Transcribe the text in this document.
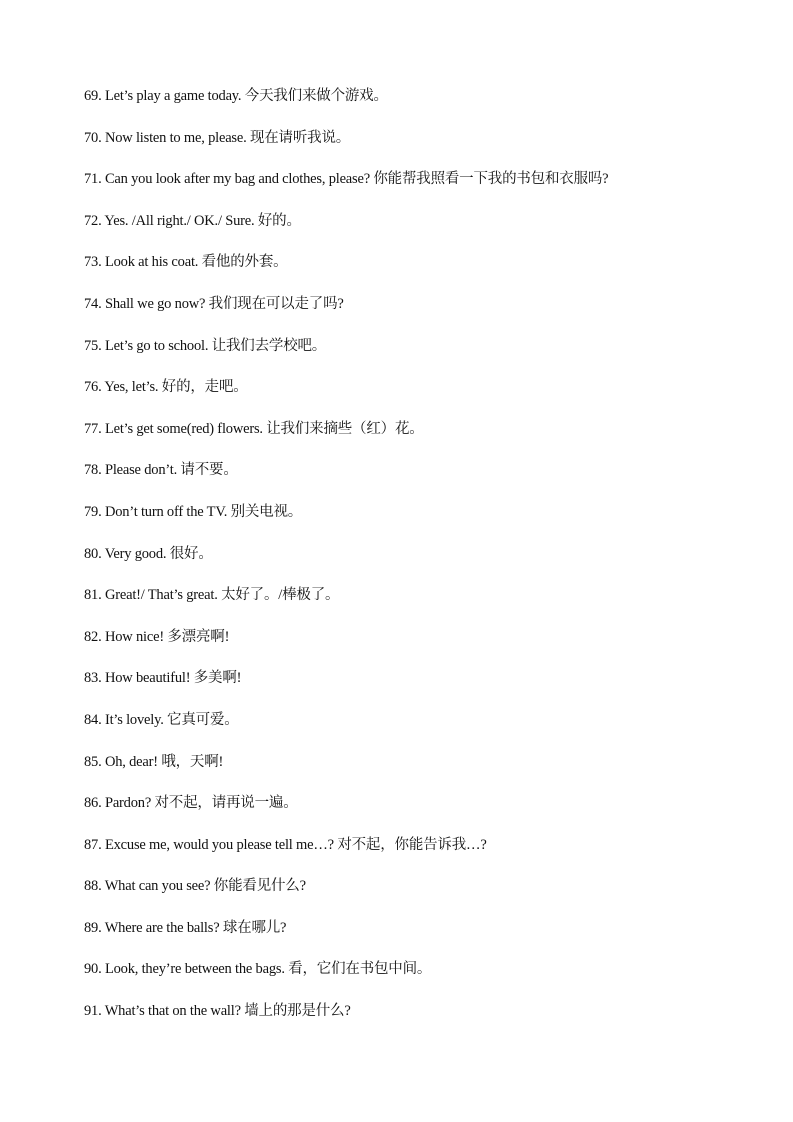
69. Let’s play a game today. 今天我们来做个游戏。
70. Now listen to me, please. 现在请听我说。
71. Can you look after my bag and clothes, please? 你能帮我照看一下我的书包和衣服吗?
72. Yes. /All right./ OK./ Sure. 好的。
73. Look at his coat. 看他的外套。
74. Shall we go now? 我们现在可以走了吗?
75. Let’s go to school. 让我们去学校吧。
76. Yes, let’s. 好的，走吧。
77. Let’s get some(red) flowers. 让我们来摘些（红）花。
78. Please don’t. 请不要。
79. Don’t turn off the TV. 别关电视。
80. Very good. 很好。
81. Great!/ That’s great. 太好了。/棒极了。
82. How nice! 多漂亮啊!
83. How beautiful! 多美啊!
84. It’s lovely. 它真可爱。
85. Oh, dear! 哦，天啊!
86. Pardon? 对不起，请再说一遍。
87. Excuse me, would you please tell me…? 对不起，你能告诉我…?
88. What can you see? 你能看见什么?
89. Where are the balls? 球在哪儿?
90. Look, they’re between the bags. 看，它们在书包中间。
91. What’s that on the wall? 墙上的那是什么?
